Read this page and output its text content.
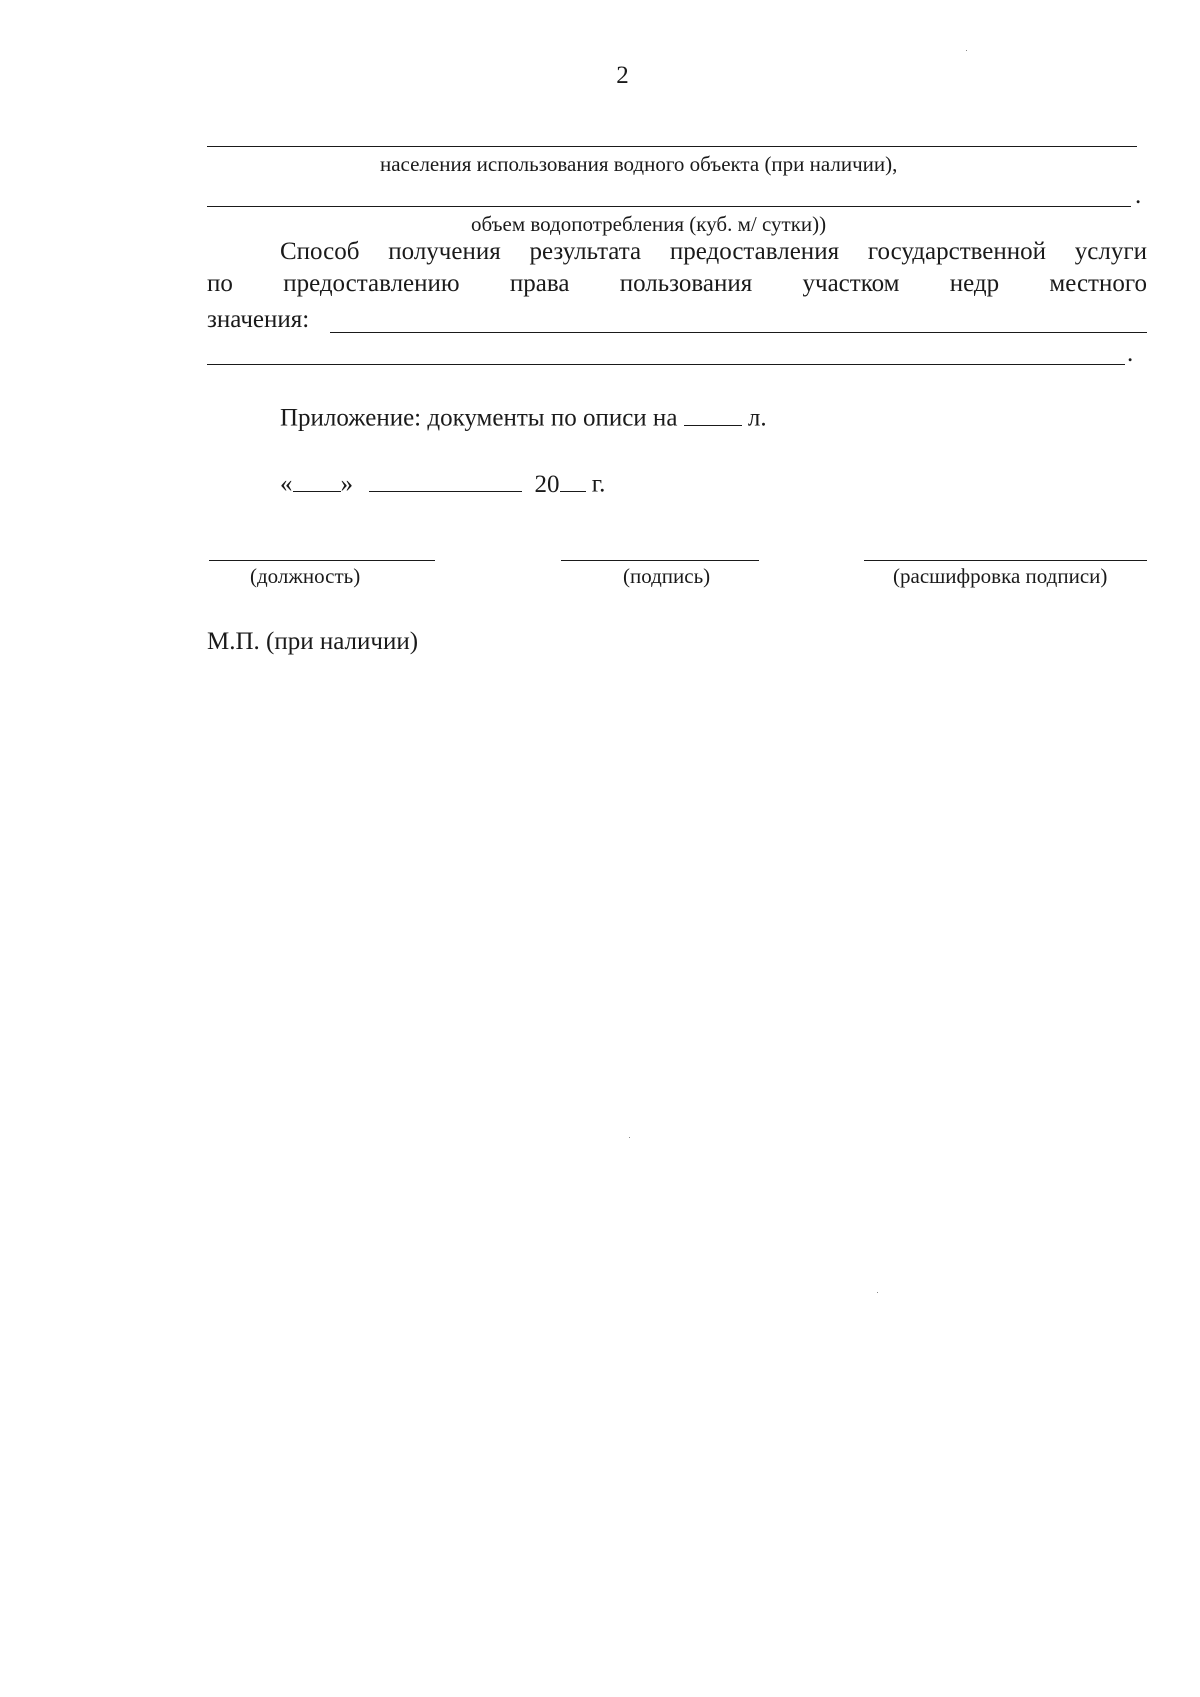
2
населения использования водного объекта (при наличии),
.
объем водопотребления (куб. м/ сутки))
Способ получения результата предоставления государственной услуги
по предоставлению права пользования участком недр местного
значения:
.
Приложение: документы по описи на	л.
« »	20 г.
(должность)	(подпись)	(расшифровка подписи)
М.П. (при наличии)
